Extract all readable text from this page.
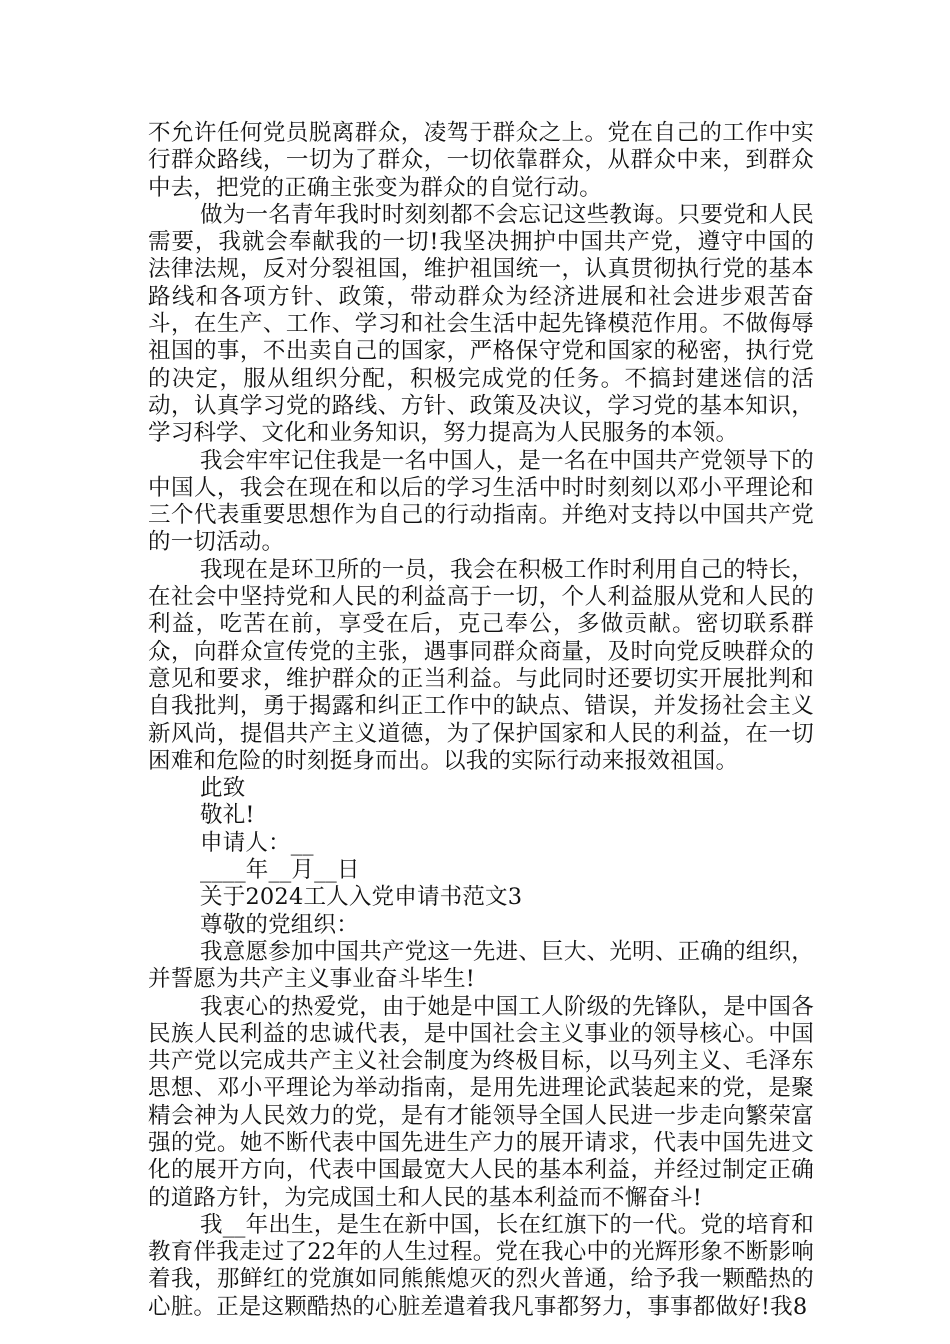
不允许任何党员脱离群众，凌驾于群众之上。党在自己的工作中实行群众路线，一切为了群众，一切依靠群众，从群众中来，到群众中去，把党的正确主张变为群众的自觉行动。

做为一名青年我时时刻刻都不会忘记这些教诲。只要党和人民需要，我就会奉献我的一切!我坚决拥护中国共产党，遵守中国的法律法规，反对分裂祖国，维护祖国统一，认真贯彻执行党的基本路线和各项方针、政策，带动群众为经济进展和社会进步艰苦奋斗，在生产、工作、学习和社会生活中起先锋模范作用。不做侮辱祖国的事，不出卖自己的国家，严格保守党和国家的秘密，执行党的决定，服从组织分配，积极完成党的任务。不搞封建迷信的活动，认真学习党的路线、方针、政策及决议，学习党的基本知识，学习科学、文化和业务知识，努力提高为人民服务的本领。

我会牢牢记住我是一名中国人，是一名在中国共产党领导下的中国人，我会在现在和以后的学习生活中时时刻刻以邓小平理论和三个代表重要思想作为自己的行动指南。并绝对支持以中国共产党的一切活动。

我现在是环卫所的一员，我会在积极工作时利用自己的特长，在社会中坚持党和人民的利益高于一切，个人利益服从党和人民的利益，吃苦在前，享受在后，克己奉公，多做贡献。密切联系群众，向群众宣传党的主张，遇事同群众商量，及时向党反映群众的意见和要求，维护群众的正当利益。与此同时还要切实开展批判和自我批判，勇于揭露和纠正工作中的缺点、错误，并发扬社会主义新风尚，提倡共产主义道德，为了保护国家和人民的利益，在一切困难和危险的时刻挺身而出。以我的实际行动来报效祖国。

此致

敬礼!

申请人：__

____年__月__日

关于2024工人入党申请书范文3

尊敬的党组织：

我意愿参加中国共产党这一先进、巨大、光明、正确的组织，并誓愿为共产主义事业奋斗毕生!

我衷心的热爱党，由于她是中国工人阶级的先锋队，是中国各民族人民利益的忠诚代表，是中国社会主义事业的领导核心。中国共产党以完成共产主义社会制度为终极目标，以马列主义、毛泽东思想、邓小平理论为举动指南，是用先进理论武装起来的党，是聚精会神为人民效力的党，是有才能领导全国人民进一步走向繁荣富强的党。她不断代表中国先进生产力的展开请求，代表中国先进文化的展开方向，代表中国最宽大人民的基本利益，并经过制定正确的道路方针，为完成国土和人民的基本利益而不懈奋斗!

我__年出生，是生在新中国，长在红旗下的一代。党的培育和教育伴我走过了22年的人生过程。党在我心中的光辉形象不断影响着我，那鲜红的党旗如同熊熊熄灭的烈火普通，给予我一颗酷热的心脏。正是这颗酷热的心脏差遣着我凡事都努力，事事都做好!我8
